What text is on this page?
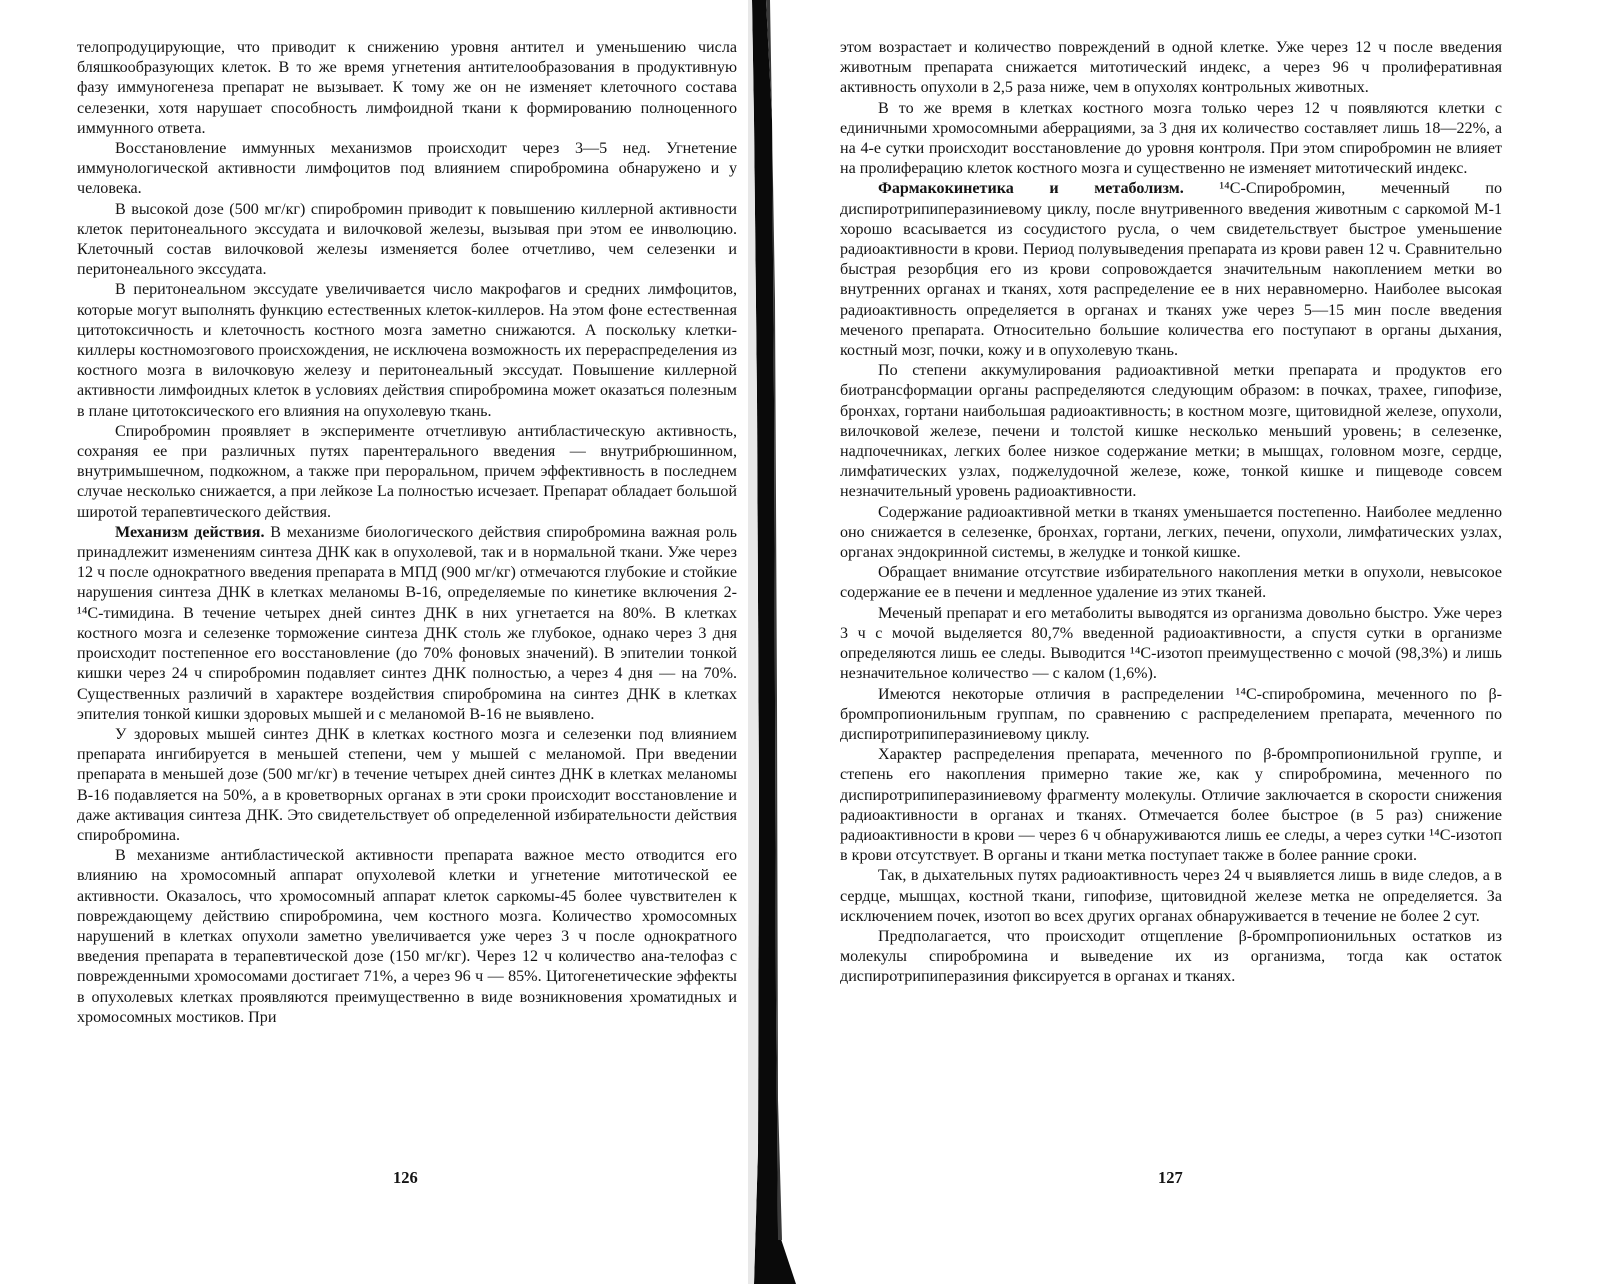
телопродуцирующие, что приводит к снижению уровня антител и уменьшению числа бляшкообразующих клеток. В то же время угнетения антителообразования в продуктивную фазу иммуногенеза препарат не вызывает. К тому же он не изменяет клеточного состава селезенки, хотя нарушает способность лимфоидной ткани к формированию полноценного иммунного ответа.

Восстановление иммунных механизмов происходит через 3—5 нед. Угнетение иммунологической активности лимфоцитов под влиянием спиробромина обнаружено и у человека.

В высокой дозе (500 мг/кг) спиробромин приводит к повышению киллерной активности клеток перитонеального экссудата и вилочковой железы, вызывая при этом ее инволюцию. Клеточный состав вилочковой железы изменяется более отчетливо, чем селезенки и перитонеального экссудата.

В перитонеальном экссудате увеличивается число макрофагов и средних лимфоцитов, которые могут выполнять функцию естественных клеток-киллеров. На этом фоне естественная цитотоксичность и клеточность костного мозга заметно снижаются. А поскольку клетки-киллеры костномозгового происхождения, не исключена возможность их перераспределения из костного мозга в вилочковую железу и перитонеальный экссудат. Повышение киллерной активности лимфоидных клеток в условиях действия спиробромина может оказаться полезным в плане цитотоксического его влияния на опухолевую ткань.

Спиробромин проявляет в эксперименте отчетливую антибластическую активность, сохраняя ее при различных путях парентерального введения — внутрибрюшинном, внутримышечном, подкожном, а также при пероральном, причем эффективность в последнем случае несколько снижается, а при лейкозе La полностью исчезает. Препарат обладает большой широтой терапевтического действия.

Механизм действия. В механизме биологического действия спиробромина важная роль принадлежит изменениям синтеза ДНК как в опухолевой, так и в нормальной ткани. Уже через 12 ч после однократного введения препарата в МПД (900 мг/кг) отмечаются глубокие и стойкие нарушения синтеза ДНК в клетках меланомы B-16, определяемые по кинетике включения 2-¹⁴С-тимидина. В течение четырех дней синтез ДНК в них угнетается на 80%. В клетках костного мозга и селезенке торможение синтеза ДНК столь же глубокое, однако через 3 дня происходит постепенное его восстановление (до 70% фоновых значений). В эпителии тонкой кишки через 24 ч спиробромин подавляет синтез ДНК полностью, а через 4 дня — на 70%. Существенных различий в характере воздействия спиробромина на синтез ДНК в клетках эпителия тонкой кишки здоровых мышей и с меланомой B-16 не выявлено.

У здоровых мышей синтез ДНК в клетках костного мозга и селезенки под влиянием препарата ингибируется в меньшей степени, чем у мышей с меланомой. При введении препарата в меньшей дозе (500 мг/кг) в течение четырех дней синтез ДНК в клетках меланомы B-16 подавляется на 50%, а в кроветворных органах в эти сроки происходит восстановление и даже активация синтеза ДНК. Это свидетельствует об определенной избирательности действия спиробромина.

В механизме антибластической активности препарата важное место отводится его влиянию на хромосомный аппарат опухолевой клетки и угнетение митотической ее активности. Оказалось, что хромосомный аппарат клеток саркомы-45 более чувствителен к повреждающему действию спиробромина, чем костного мозга. Количество хромосомных нарушений в клетках опухоли заметно увеличивается уже через 3 ч после однократного введения препарата в терапевтической дозе (150 мг/кг). Через 12 ч количество ана-телофаз с поврежденными хромосомами достигает 71%, а через 96 ч — 85%. Цитогенетические эффекты в опухолевых клетках проявляются преимущественно в виде возникновения хроматидных и хромосомных мостиков. При

126

этом возрастает и количество повреждений в одной клетке. Уже через 12 ч после введения животным препарата снижается митотический индекс, а через 96 ч пролиферативная активность опухоли в 2,5 раза ниже, чем в опухолях контрольных животных.

В то же время в клетках костного мозга только через 12 ч появляются клетки с единичными хромосомными аберрациями, за 3 дня их количество составляет лишь 18—22%, а на 4-е сутки происходит восстановление до уровня контроля. При этом спиробромин не влияет на пролиферацию клеток костного мозга и существенно не изменяет митотический индекс.

Фармакокинетика и метаболизм. ¹⁴С-Спиробромин, меченный по диспиротрипиперазиниевому циклу, после внутривенного введения животным с саркомой М-1 хорошо всасывается из сосудистого русла, о чем свидетельствует быстрое уменьшение радиоактивности в крови. Период полувыведения препарата из крови равен 12 ч. Сравнительно быстрая резорбция его из крови сопровождается значительным накоплением метки во внутренних органах и тканях, хотя распределение ее в них неравномерно. Наиболее высокая радиоактивность определяется в органах и тканях уже через 5—15 мин после введения меченого препарата. Относительно большие количества его поступают в органы дыхания, костный мозг, почки, кожу и в опухолевую ткань.

По степени аккумулирования радиоактивной метки препарата и продуктов его биотрансформации органы распределяются следующим образом: в почках, трахее, гипофизе, бронхах, гортани наибольшая радиоактивность; в костном мозге, щитовидной железе, опухоли, вилочковой железе, печени и толстой кишке несколько меньший уровень; в селезенке, надпочечниках, легких более низкое содержание метки; в мышцах, головном мозге, сердце, лимфатических узлах, поджелудочной железе, коже, тонкой кишке и пищеводе совсем незначительный уровень радиоактивности.

Содержание радиоактивной метки в тканях уменьшается постепенно. Наиболее медленно оно снижается в селезенке, бронхах, гортани, легких, печени, опухоли, лимфатических узлах, органах эндокринной системы, в желудке и тонкой кишке.

Обращает внимание отсутствие избирательного накопления метки в опухоли, невысокое содержание ее в печени и медленное удаление из этих тканей.

Меченый препарат и его метаболиты выводятся из организма довольно быстро. Уже через 3 ч с мочой выделяется 80,7% введенной радиоактивности, а спустя сутки в организме определяются лишь ее следы. Выводится ¹⁴С-изотоп преимущественно с мочой (98,3%) и лишь незначительное количество — с калом (1,6%).

Имеются некоторые отличия в распределении ¹⁴С-спиробромина, меченного по β-бромпропионильным группам, по сравнению с распределением препарата, меченного по диспиротрипиперазиниевому циклу.

Характер распределения препарата, меченного по β-бромпропионильной группе, и степень его накопления примерно такие же, как у спиробромина, меченного по диспиротрипиперазиниевому фрагменту молекулы. Отличие заключается в скорости снижения радиоактивности в органах и тканях. Отмечается более быстрое (в 5 раз) снижение радиоактивности в крови — через 6 ч обнаруживаются лишь ее следы, а через сутки ¹⁴С-изотоп в крови отсутствует. В органы и ткани метка поступает также в более ранние сроки.

Так, в дыхательных путях радиоактивность через 24 ч выявляется лишь в виде следов, а в сердце, мышцах, костной ткани, гипофизе, щитовидной железе метка не определяется. За исключением почек, изотоп во всех других органах обнаруживается в течение не более 2 сут.

Предполагается, что происходит отщепление β-бромпропионильных остатков из молекулы спиробромина и выведение их из организма, тогда как остаток диспиротрипиперазиния фиксируется в органах и тканях.

127
